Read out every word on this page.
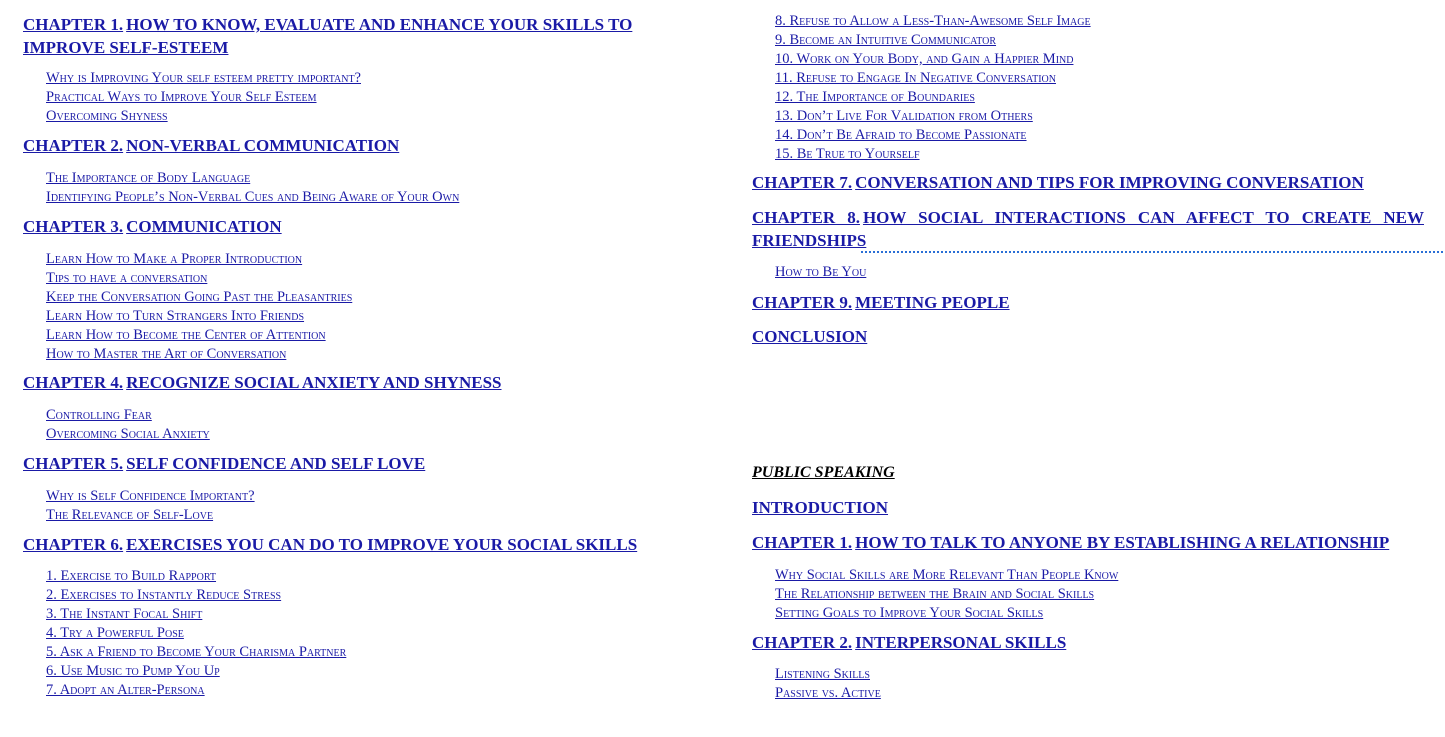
CHAPTER 1. HOW TO KNOW, EVALUATE AND ENHANCE YOUR SKILLS TO IMPROVE SELF-ESTEEM
Why is Improving Your self esteem pretty important?
Practical Ways to Improve Your Self Esteem
Overcoming Shyness
CHAPTER 2. NON-VERBAL COMMUNICATION
The Importance of Body Language
Identifying People’s Non-Verbal Cues and Being Aware of Your Own
CHAPTER 3. COMMUNICATION
Learn How to Make a Proper Introduction
Tips to have a conversation
Keep the Conversation Going Past the Pleasantries
Learn How to Turn Strangers Into Friends
Learn How to Become the Center of Attention
How to Master the Art of Conversation
CHAPTER 4. RECOGNIZE SOCIAL ANXIETY AND SHYNESS
Controlling Fear
Overcoming Social Anxiety
CHAPTER 5. SELF CONFIDENCE AND SELF LOVE
Why is Self Confidence Important?
The Relevance of Self-Love
CHAPTER 6. EXERCISES YOU CAN DO TO IMPROVE YOUR SOCIAL SKILLS
1. Exercise to Build Rapport
2. Exercises to Instantly Reduce Stress
3. The Instant Focal Shift
4. Try a Powerful Pose
5. Ask a Friend to Become Your Charisma Partner
6. Use Music to Pump You Up
7. Adopt an Alter-Persona
8. Refuse to Allow a Less-Than-Awesome Self Image
9. Become an Intuitive Communicator
10. Work on Your Body, and Gain a Happier Mind
11. Refuse to Engage In Negative Conversation
12. The Importance of Boundaries
13. Don’t Live For Validation from Others
14. Don’t Be Afraid to Become Passionate
15. Be True to Yourself
CHAPTER 7. CONVERSATION AND TIPS FOR IMPROVING CONVERSATION
CHAPTER 8. HOW SOCIAL INTERACTIONS CAN AFFECT TO CREATE NEW FRIENDSHIPS
How to Be You
CHAPTER 9. MEETING PEOPLE
CONCLUSION
PUBLIC SPEAKING
INTRODUCTION
CHAPTER 1. HOW TO TALK TO ANYONE BY ESTABLISHING A RELATIONSHIP
Why Social Skills are More Relevant Than People Know
The Relationship between the Brain and Social Skills
Setting Goals to Improve Your Social Skills
CHAPTER 2. INTERPERSONAL SKILLS
Listening Skills
Passive vs. Active
